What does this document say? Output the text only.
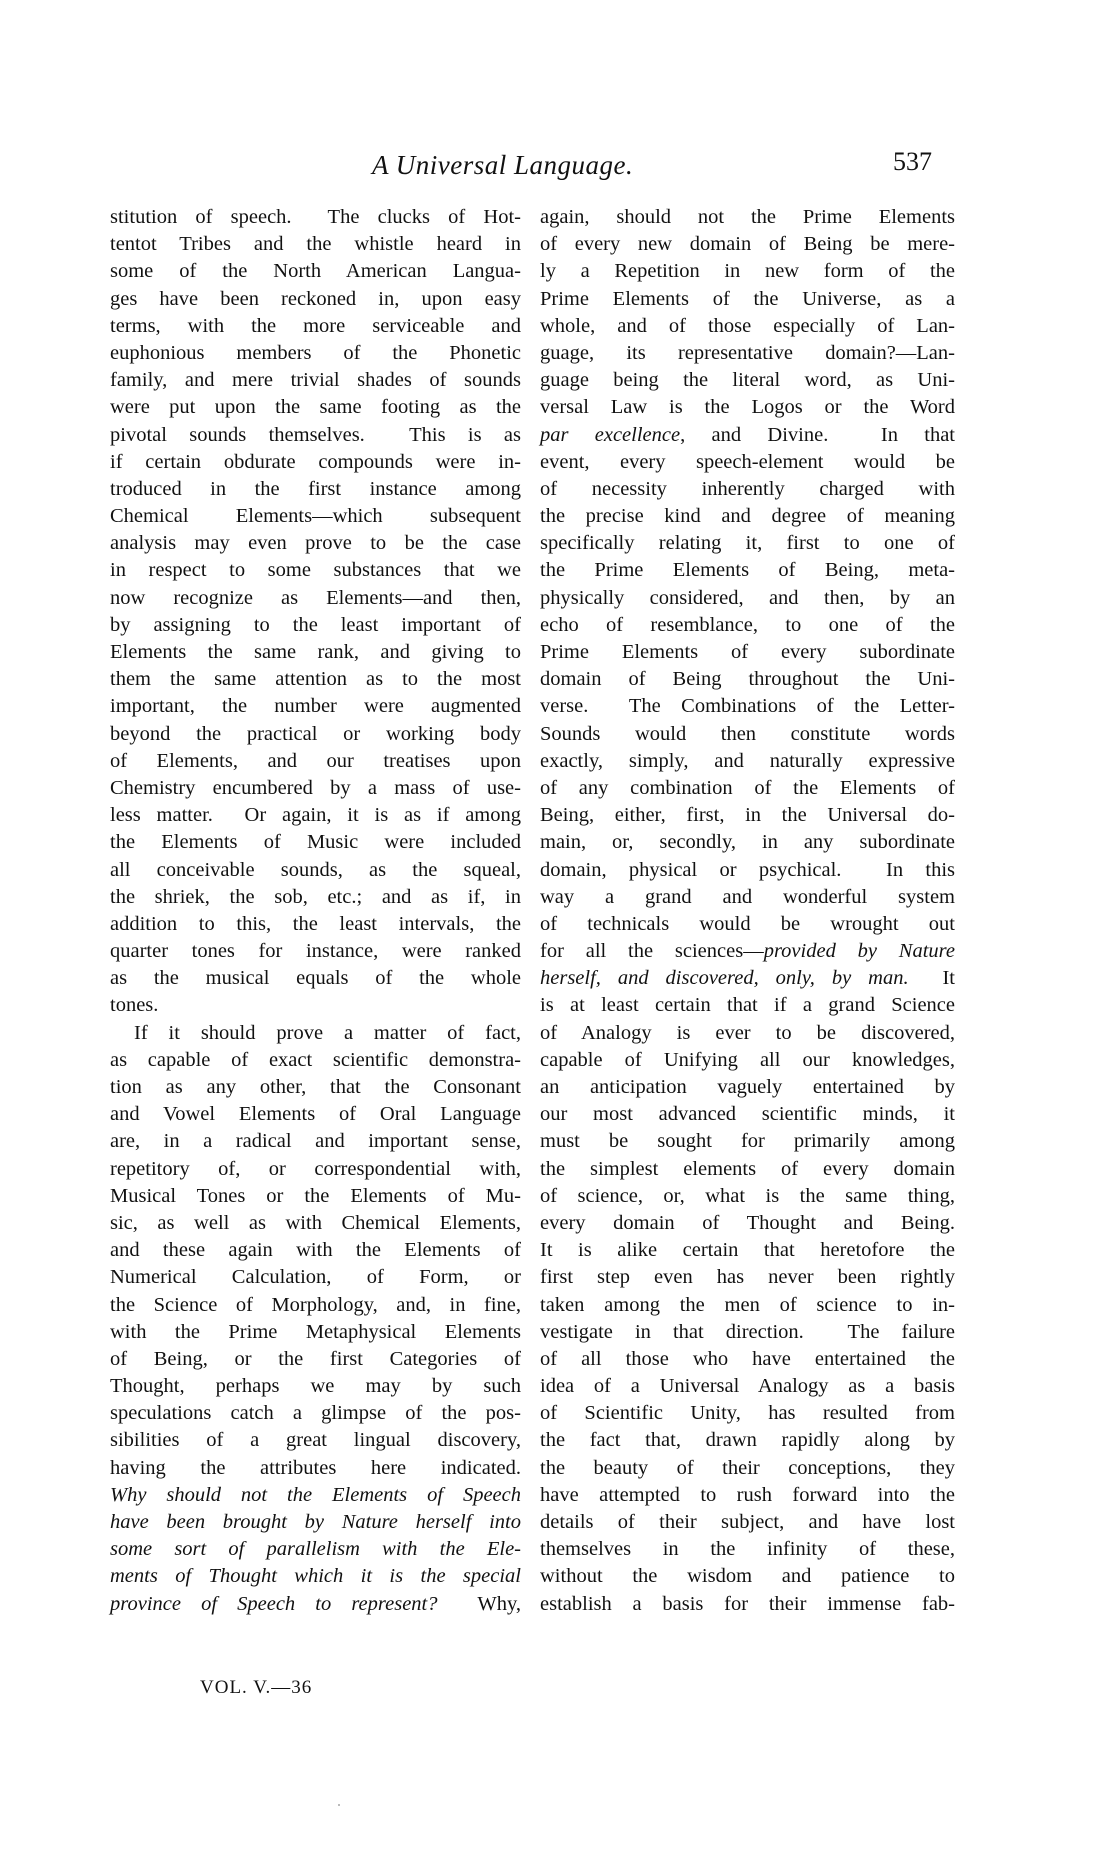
A Universal Language.	537
stitution of speech.  The clucks of Hot-
tentot Tribes and the whistle heard in
some of the North American Langua-
ges have been reckoned in, upon easy
terms, with the more serviceable and
euphonious members of the Phonetic
family, and mere trivial shades of sounds
were put upon the same footing as the
pivotal sounds themselves.  This is as
if certain obdurate compounds were in-
troduced in the first instance among
Chemical Elements—which subsequent
analysis may even prove to be the case
in respect to some substances that we
now recognize as Elements—and then,
by assigning to the least important of
Elements the same rank, and giving to
them the same attention as to the most
important, the number were augmented
beyond the practical or working body
of Elements, and our treatises upon
Chemistry encumbered by a mass of use-
less matter.  Or again, it is as if among
the Elements of Music were included
all conceivable sounds, as the squeal,
the shriek, the sob, etc.; and as if, in
addition to this, the least intervals, the
quarter tones for instance, were ranked
as the musical equals of the whole
tones.
If it should prove a matter of fact,
as capable of exact scientific demonstra-
tion as any other, that the Consonant
and Vowel Elements of Oral Language
are, in a radical and important sense,
repetitory of, or correspondential with,
Musical Tones or the Elements of Mu-
sic, as well as with Chemical Elements,
and these again with the Elements of
Numerical Calculation, of Form, or
the Science of Morphology, and, in fine,
with the Prime Metaphysical Elements
of Being, or the first Categories of
Thought, perhaps we may by such
speculations catch a glimpse of the pos-
sibilities of a great lingual discovery,
having the attributes here indicated.
Why should not the Elements of Speech
have been brought by Nature herself into
some sort of parallelism with the Ele-
ments of Thought which it is the special
province of Speech to represent?  Why,
again, should not the Prime Elements
of every new domain of Being be mere-
ly a Repetition in new form of the
Prime Elements of the Universe, as a
whole, and of those especially of Lan-
guage, its representative domain?—Lan-
guage being the literal word, as Uni-
versal Law is the Logos or the Word
par excellence, and Divine.  In that
event, every speech-element would be
of necessity inherently charged with
the precise kind and degree of meaning
specifically relating it, first to one of
the Prime Elements of Being, meta-
physically considered, and then, by an
echo of resemblance, to one of the
Prime Elements of every subordinate
domain of Being throughout the Uni-
verse.  The Combinations of the Letter-
Sounds would then constitute words
exactly, simply, and naturally expressive
of any combination of the Elements of
Being, either, first, in the Universal do-
main, or, secondly, in any subordinate
domain, physical or psychical.  In this
way a grand and wonderful system
of technicals would be wrought out
for all the sciences—provided by Nature
herself, and discovered, only, by man.  It
is at least certain that if a grand Science
of Analogy is ever to be discovered,
capable of Unifying all our knowledges,
an anticipation vaguely entertained by
our most advanced scientific minds, it
must be sought for primarily among
the simplest elements of every domain
of science, or, what is the same thing,
every domain of Thought and Being.
It is alike certain that heretofore the
first step even has never been rightly
taken among the men of science to in-
vestigate in that direction.  The failure
of all those who have entertained the
idea of a Universal Analogy as a basis
of Scientific Unity, has resulted from
the fact that, drawn rapidly along by
the beauty of their conceptions, they
have attempted to rush forward into the
details of their subject, and have lost
themselves in the infinity of these,
without the wisdom and patience to
establish a basis for their immense fab-
VOL. V.—36
